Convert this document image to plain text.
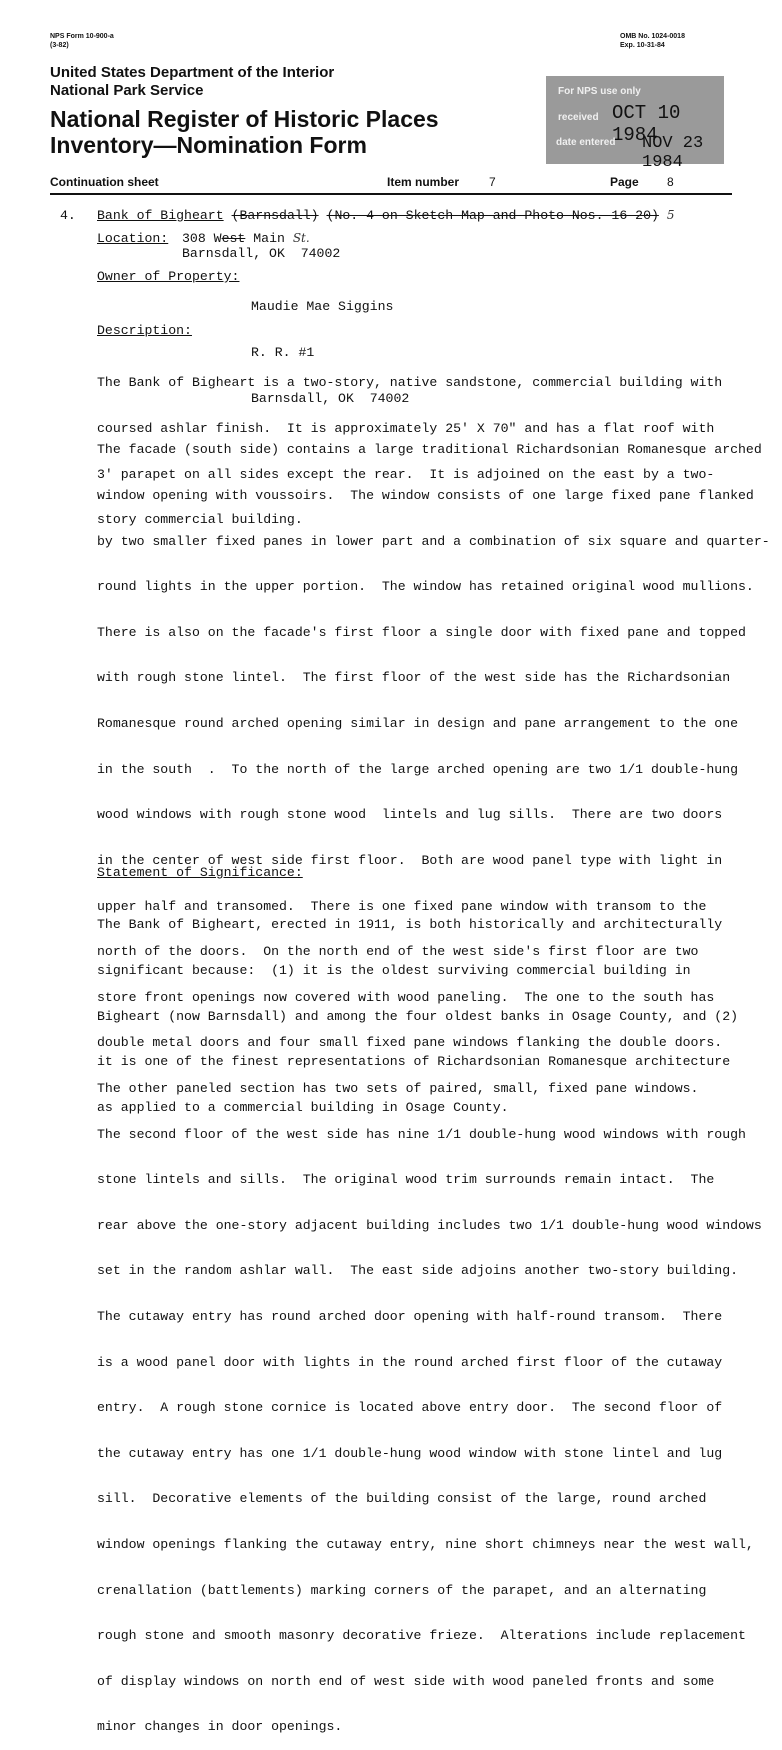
NPS Form 10-900-a
(3-82)
OMB No. 1024-0018
Exp. 10-31-84
United States Department of the Interior
National Park Service
National Register of Historic Places
Inventory—Nomination Form
For NPS use only
received OCT 10 1984
date entered NOV 23 1984
Continuation sheet	Item number 7	Page 8
4. Bank of Bigheart (Barnsdall) (No. 4 on Sketch Map and Photo Nos. 16-20) 5
Location: 308 West Main St.
Barnsdall, OK  74002
Owner of Property:

Maudie Mae Siggins

R. R. #1

Barnsdall, OK  74002

Description:

The Bank of Bigheart is a two-story, native sandstone, commercial building with

coursed ashlar finish.  It is approximately 25' X 70" and has a flat roof with

3' parapet on all sides except the rear.  It is adjoined on the east by a two-

story commercial building.

The facade (south side) contains a large traditional Richardsonian Romanesque arched

window opening with voussoirs.  The window consists of one large fixed pane flanked

by two smaller fixed panes in lower part and a combination of six square and quarter-

round lights in the upper portion.  The window has retained original wood mullions.

There is also on the facade's first floor a single door with fixed pane and topped

with rough stone lintel.  The first floor of the west side has the Richardsonian

Romanesque round arched opening similar in design and pane arrangement to the one

in the south  .  To the north of the large arched opening are two 1/1 double-hung

wood windows with rough stone wood  lintels and lug sills.  There are two doors

in the center of west side first floor.  Both are wood panel type with light in

upper half and transomed.  There is one fixed pane window with transom to the

north of the doors.  On the north end of the west side's first floor are two

store front openings now covered with wood paneling.  The one to the south has

double metal doors and four small fixed pane windows flanking the double doors.

The other paneled section has two sets of paired, small, fixed pane windows.

The second floor of the west side has nine 1/1 double-hung wood windows with rough

stone lintels and sills.  The original wood trim surrounds remain intact.  The

rear above the one-story adjacent building includes two 1/1 double-hung wood windows

set in the random ashlar wall.  The east side adjoins another two-story building.

The cutaway entry has round arched door opening with half-round transom.  There

is a wood panel door with lights in the round arched first floor of the cutaway

entry.  A rough stone cornice is located above entry door.  The second floor of

the cutaway entry has one 1/1 double-hung wood window with stone lintel and lug

sill.  Decorative elements of the building consist of the large, round arched

window openings flanking the cutaway entry, nine short chimneys near the west wall,

crenallation (battlements) marking corners of the parapet, and an alternating

rough stone and smooth masonry decorative frieze.  Alterations include replacement

of display windows on north end of west side with wood paneled fronts and some

minor changes in door openings.

Statement of Significance:

The Bank of Bigheart, erected in 1911, is both historically and architecturally

significant because:  (1) it is the oldest surviving commercial building in

Bigheart (now Barnsdall) and among the four oldest banks in Osage County, and (2)

it is one of the finest representations of Richardsonian Romanesque architecture

as applied to a commercial building in Osage County.
